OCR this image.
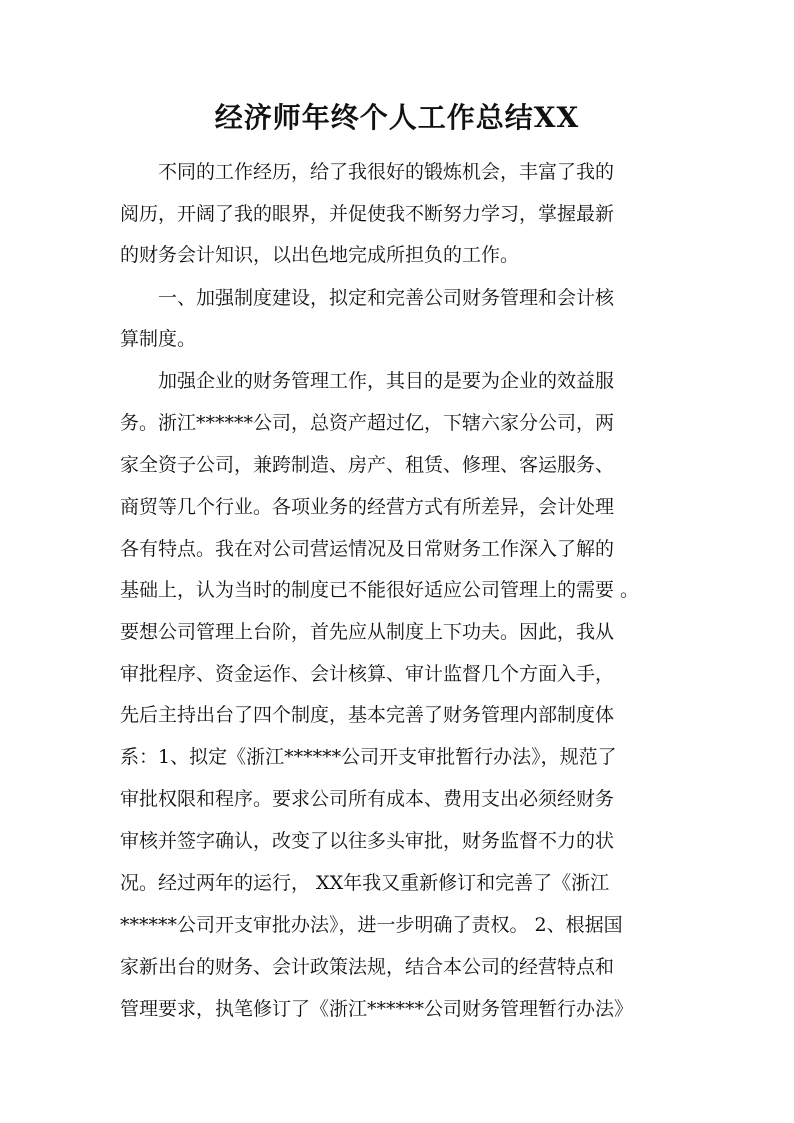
经济师年终个人工作总结XX
　　不同的工作经历，给了我很好的锻炼机会，丰富了我的
阅历，开阔了我的眼界，并促使我不断努力学习，掌握最新
的财务会计知识，以出色地完成所担负的工作。
　　一、加强制度建设，拟定和完善公司财务管理和会计核
算制度。
　　加强企业的财务管理工作，其目的是要为企业的效益服
务。浙江******公司，总资产超过亿，下辖六家分公司，两
家全资子公司，兼跨制造、房产、租赁、修理、客运服务、
商贸等几个行业。各项业务的经营方式有所差异，会计处理
各有特点。我在对公司营运情况及日常财务工作深入了解的
基础上，认为当时的制度已不能很好适应公司管理上的需要 。
要想公司管理上台阶，首先应从制度上下功夫。因此，我从
审批程序、资金运作、会计核算、审计监督几个方面入手，
先后主持出台了四个制度，基本完善了财务管理内部制度体
系：1、拟定《浙江******公司开支审批暂行办法》，规范了
审批权限和程序。要求公司所有成本、费用支出必须经财务
审核并签字确认，改变了以往多头审批，财务监督不力的状
况。经过两年的运行， XX年我又重新修订和完善了《浙江
******公司开支审批办法》，进一步明确了责权。 2、根据国
家新出台的财务、会计政策法规，结合本公司的经营特点和
管理要求，执笔修订了《浙江******公司财务管理暂行办法》
